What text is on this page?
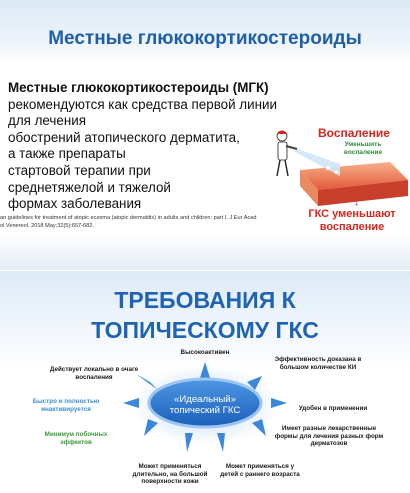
Местные глюкокортикостероиды
Местные глюкокортикостероиды (МГК)
рекомендуются как средства первой линии для лечения
обострений атопического дерматита,
а также препараты
стартовой терапии при
среднетяжелой и тяжелой
формах заболевания
an guidelines for treatment of atopic eczema (atopic dermatitis) in adults and children: part I. J Eur Acad
ol Venereol. 2018 May;32(5):657-682.
Воспаление
Уменьшить воспаление
↓
ГКС уменьшают воспаление
ТРЕБОВАНИЯ К
ТОПИЧЕСКОМУ ГКС
«Идеальный»
топический ГКС
Высокоактивен
Действует локально в очаге воспаления
Эффективность доказана в большом количестве КИ
Быстро и полностью инактивируется	Удобен в применении
Минимум побочных эффектов
Имеет разные лекарственные формы для лечения разных форм дерматозов
Может применяться длительно, на большой поверхности кожи
Может применяться у детей с раннего возраста
